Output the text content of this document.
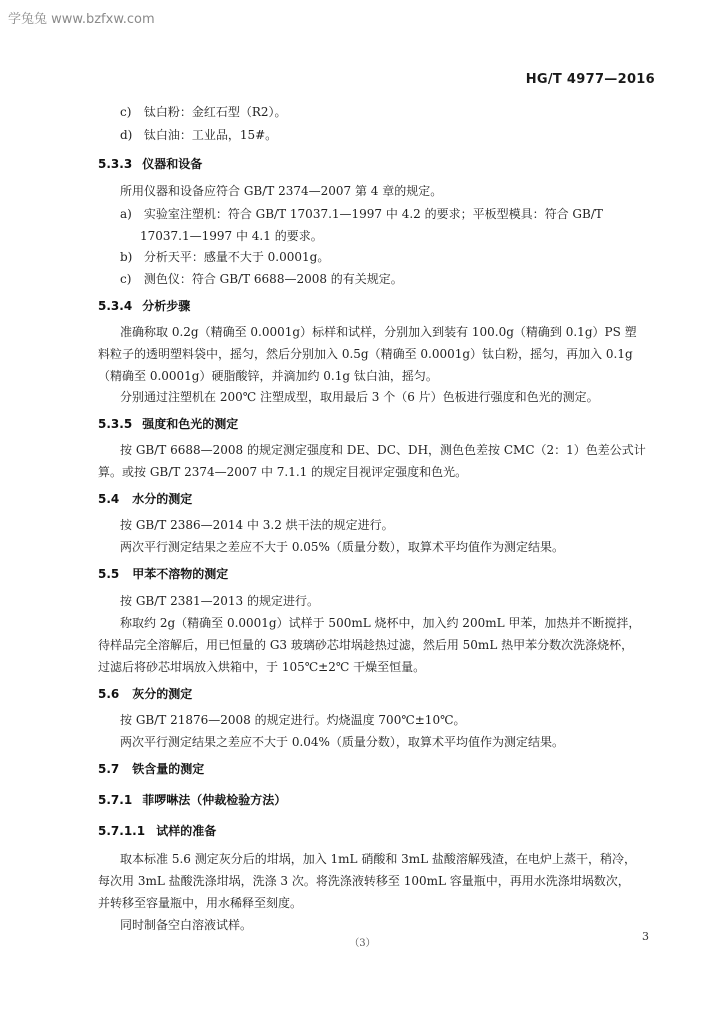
学兔兔 www.bzfxw.com
HG/T 4977—2016
c) 钛白粉：金红石型（R2）。
d) 钛白油：工业品，15#。
5.3.3 仪器和设备
所用仪器和设备应符合 GB/T 2374—2007 第 4 章的规定。
a) 实验室注塑机：符合 GB/T 17037.1—1997 中 4.2 的要求；平板型模具：符合 GB/T
17037.1—1997 中 4.1 的要求。
b) 分析天平：感量不大于 0.0001g。
c) 测色仪：符合 GB/T 6688—2008 的有关规定。
5.3.4 分析步骤
准确称取 0.2g（精确至 0.0001g）标样和试样，分别加入到装有 100.0g（精确到 0.1g）PS 塑
料粒子的透明塑料袋中，摇匀，然后分别加入 0.5g（精确至 0.0001g）钛白粉，摇匀，再加入 0.1g
（精确至 0.0001g）硬脂酸锌，并滴加约 0.1g 钛白油，摇匀。
分别通过注塑机在 200℃ 注塑成型，取用最后 3 个（6 片）色板进行强度和色光的测定。
5.3.5 强度和色光的测定
按 GB/T 6688—2008 的规定测定强度和 DE、DC、DH，测色色差按 CMC（2：1）色差公式计
算。或按 GB/T 2374—2007 中 7.1.1 的规定目视评定强度和色光。
5.4 水分的测定
按 GB/T 2386—2014 中 3.2 烘干法的规定进行。
两次平行测定结果之差应不大于 0.05%（质量分数），取算术平均值作为测定结果。
5.5 甲苯不溶物的测定
按 GB/T 2381—2013 的规定进行。
称取约 2g（精确至 0.0001g）试样于 500mL 烧杯中，加入约 200mL 甲苯，加热并不断搅拌，
待样品完全溶解后，用已恒量的 G3 玻璃砂芯坩埚趁热过滤，然后用 50mL 热甲苯分数次洗涤烧杯，
过滤后将砂芯坩埚放入烘箱中，于 105℃±2℃ 干燥至恒量。
5.6 灰分的测定
按 GB/T 21876—2008 的规定进行。灼烧温度 700℃±10℃。
两次平行测定结果之差应不大于 0.04%（质量分数），取算术平均值作为测定结果。
5.7 铁含量的测定
5.7.1 菲啰啉法（仲裁检验方法）
5.7.1.1 试样的准备
取本标准 5.6 测定灰分后的坩埚，加入 1mL 硝酸和 3mL 盐酸溶解残渣，在电炉上蒸干，稍冷，
每次用 3mL 盐酸洗涤坩埚，洗涤 3 次。将洗涤液转移至 100mL 容量瓶中，再用水洗涤坩埚数次，
并转移至容量瓶中，用水稀释至刻度。
同时制备空白溶液试样。
（3）
3
